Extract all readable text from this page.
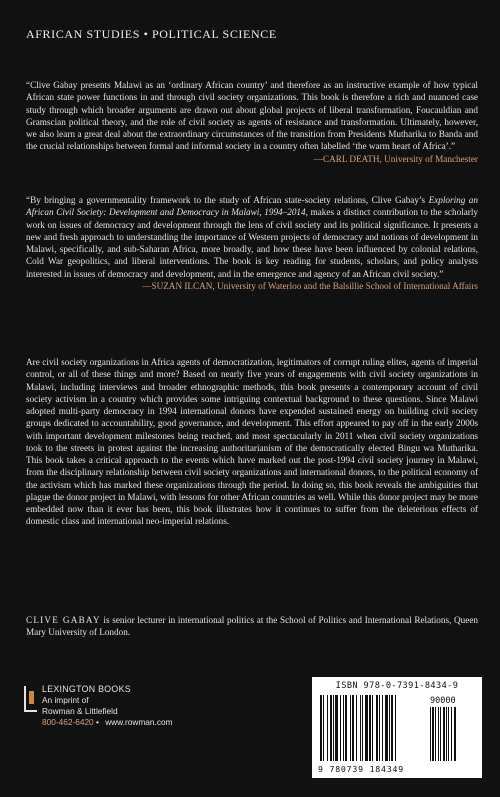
AFRICAN STUDIES • POLITICAL SCIENCE

“Clive Gabay presents Malawi as an ‘ordinary African country’ and therefore as an instructive example of how typical African state power functions in and through civil society organizations. This book is therefore a rich and nuanced case study through which broader arguments are drawn out about global projects of liberal transformation, Foucauldian and Gramscian political theory, and the role of civil society as agents of resistance and transformation. Ultimately, however, we also learn a great deal about the extraordinary circumstances of the transition from Presidents Mutharika to Banda and the crucial relationships between formal and informal society in a country often labelled ‘the warm heart of Africa’.”

—CARL DEATH, University of Manchester

“By bringing a governmentality framework to the study of African state-society relations, Clive Gabay’s Exploring an African Civil Society: Development and Democracy in Malawi, 1994–2014, makes a distinct contribution to the scholarly work on issues of democracy and development through the lens of civil society and its political significance. It presents a new and fresh approach to understanding the importance of Western projects of democracy and notions of development in Malawi, specifically, and sub-Saharan Africa, more broadly, and how these have been influenced by colonial relations, Cold War geopolitics, and liberal interventions. The book is key reading for students, scholars, and policy analysts interested in issues of democracy and development, and in the emergence and agency of an African civil society.”

—SUZAN ILCAN, University of Waterloo and the Balsillie School of International Affairs

Are civil society organizations in Africa agents of democratization, legitimators of corrupt ruling elites, agents of imperial control, or all of these things and more? Based on nearly five years of engagements with civil society organizations in Malawi, including interviews and broader ethnographic methods, this book presents a contemporary account of civil society activism in a country which provides some intriguing contextual background to these questions. Since Malawi adopted multi-party democracy in 1994 international donors have expended sustained energy on building civil society groups dedicated to accountability, good governance, and development. This effort appeared to pay off in the early 2000s with important development milestones being reached, and most spectacularly in 2011 when civil society organizations took to the streets in protest against the increasing authoritarianism of the democratically elected Bingu wa Mutharika. This book takes a critical approach to the events which have marked out the post-1994 civil society journey in Malawi, from the disciplinary relationship between civil society organizations and international donors, to the political economy of the activism which has marked these organizations through the period. In doing so, this book reveals the ambiguities that plague the donor project in Malawi, with lessons for other African countries as well. While this donor project may be more embedded now than it ever has been, this book illustrates how it continues to suffer from the deleterious effects of domestic class and international neo-imperial relations.

CLIVE GABAY is senior lecturer in international politics at the School of Politics and International Relations, Queen Mary University of London.

LEXINGTON BOOKS
An imprint of
Rowman & Littlefield
800-462-6420 • www.rowman.com
ISBN 978-0-7391-8434-9
90000
9 780739 184349
